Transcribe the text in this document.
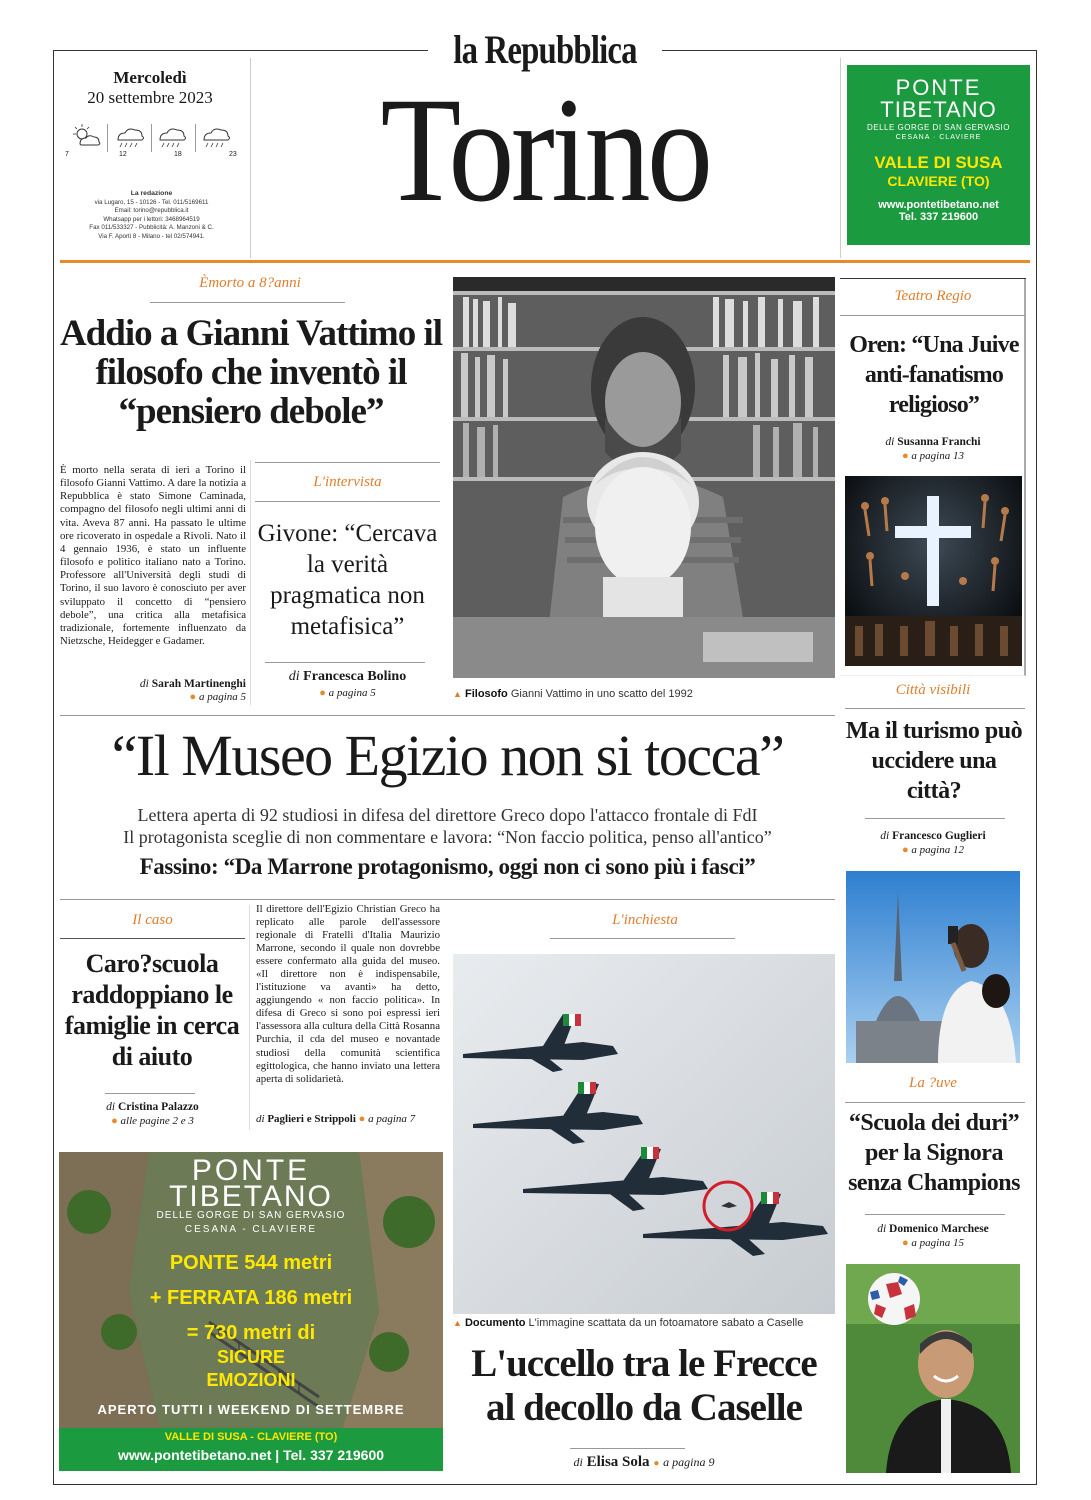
la Repubblica
Torino
Mercoledì
20 settembre 2023
7	12	18	23
La redazione
via Lugaro, 15 - 10126 - Tel. 011/5169611
Email: torino@repubblica.it
Whatsapp per i lettori: 3468964519
Fax 011/533327 - Pubblicità: A. Manzoni & C.
Via F. Aporti 8 - Milano - tel 02/574941.
PONTE
TIBETANO
DELLE GORGE DI SAN GERVASIO
CESANA · CLAVIERE
VALLE DI SUSA
CLAVIERE (TO)
www.pontetibetano.net
Tel. 337 219600
Èmorto a 8?anni
Addio a Gianni Vattimo il filosofo che inventò il “pensiero debole”
È morto nella serata di ieri a Torino il filosofo Gianni Vattimo. A dare la notizia a Repubblica è stato Simone Caminada, compagno del filosofo negli ultimi anni di vita. Aveva 87 anni. Ha passato le ultime ore ricoverato in ospedale a Rivoli. Nato il 4 gennaio 1936, è stato un influente filosofo e politico italiano nato a Torino. Professore all'Università degli studi di Torino, il suo lavoro è conosciuto per aver sviluppato il concetto di “pensiero debole”, una critica alla metafisica tradizionale, fortemente influenzato da Nietzsche, Heidegger e Gadamer.
di Sarah Martinenghi
● a pagina 5
L'intervista
Givone: “Cercava la verità pragmatica non metafisica”
di Francesca Bolino
● a pagina 5	▲ Filosofo Gianni Vattimo in uno scatto del 1992
Teatro Regio
Oren: “Una Juive anti-fanatismo religioso”
di Susanna Franchi
● a pagina 13
Città visibili
Ma il turismo può uccidere una città?
di Francesco Guglieri
● a pagina 12
La ?uve
“Scuola dei duri” per la Signora senza Champions
di Domenico Marchese
● a pagina 15
“Il Museo Egizio non si tocca”
Lettera aperta di 92 studiosi in difesa del direttore Greco dopo l'attacco frontale di FdI
Il protagonista sceglie di non commentare e lavora: “Non faccio politica, penso all'antico”
Fassino: “Da Marrone protagonismo, oggi non ci sono più i fasci”
Il caso
Caro?scuola raddoppiano le famiglie in cerca di aiuto
di Cristina Palazzo
● alle pagine 2 e 3
Il direttore dell'Egizio Christian Greco ha replicato alle parole dell'assessore regionale di Fratelli d'Italia Maurizio Marrone, secondo il quale non dovrebbe essere confermato alla guida del museo. «Il direttore non è indispensabile, l'istituzione va avanti» ha detto, aggiungendo « non faccio politica». In difesa di Greco si sono poi espressi ieri l'assessora alla cultura della Città Rosanna Purchia, il cda del museo e novantade studiosi della comunità scientifica egittologica, che hanno inviato una lettera aperta di solidarietà.
di Paglieri e Strippoli ● a pagina 7
L'inchiesta
▲ Documento L'immagine scattata da un fotoamatore sabato a Caselle
L'uccello tra le Frecce al decollo da Caselle
di Elisa Sola ● a pagina 9
PONTE
TIBETANO
DELLE GORGE DI SAN GERVASIO
CESANA - CLAVIERE
PONTE 544 metri
+ FERRATA 186 metri
= 730 metri di
SICURE
EMOZIONI
APERTO TUTTI I WEEKEND DI SETTEMBRE
VALLE DI SUSA - CLAVIERE (TO)
www.pontetibetano.net | Tel. 337 219600
